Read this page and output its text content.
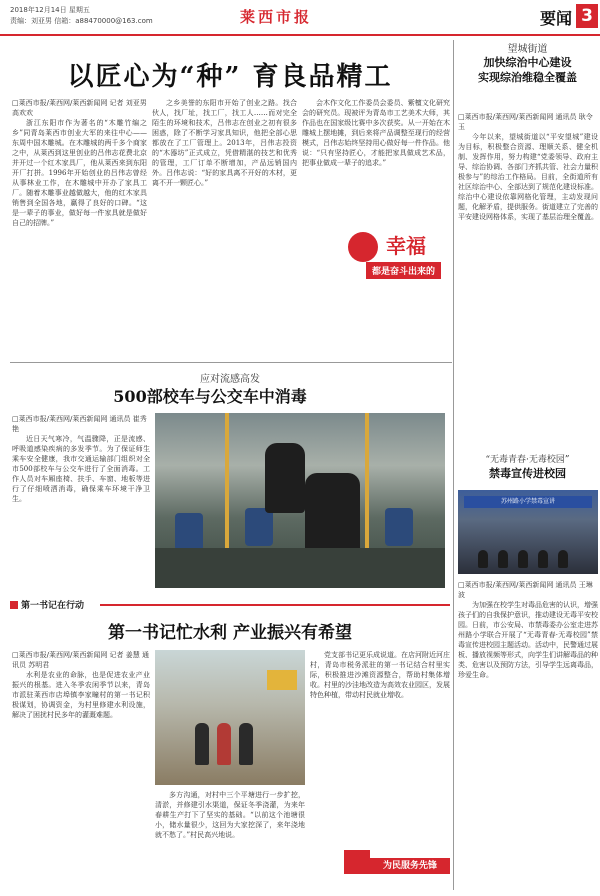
2018年12月14日 星期五
责编：刘亚男 信箱：a88470000@163.com	莱西市报	要闻 3
以匠心为“种” 育良品精工
□莱西市报/莱西网/莱西新闻网 记者 刘亚男 高欢欢
浙江东阳市作为著名的“木雕竹编之乡”同青岛莱西市创业大军的来往中心——东周中国木雕城。在木雕城的两千多个商家之中，从莱西到这里创业的吕伟志花费北京并开过一个红木家具厂，他从莱西来到东阳开厂打拼。1996年开始创业的吕伟志曾经从事林业工作，在木雕城中开办了家具工厂。随着木雕事业越做越大，他的红木家具销售到全国各地，赢得了良好的口碑。“这是一辈子的事业，做好每一件家具就是做好自己的招牌。”
之乡美誉的东阳市开始了创业之路。找合伙人，找厂址，找工厂，找工人……而对完全陌生的环境和技术，吕伟志在创业之初有很多困惑，除了不断学习家具知识，他把全部心思都放在了工厂管理上。2013年，吕伟志投资的“木器坊”正式成立，凭借精湛的技艺和优秀的管理，工厂订单不断增加，产品远销国内外。吕伟志说：“好的家具离不开好的木材，更离不开一颗匠心。”
会木作文化工作委员会委员、紫檀文化研究会的研究员。现被评为青岛市工艺美术大师，其作品也在国家级比赛中多次获奖。从一开始在木雕城上摆地摊，到后来将产品调整至现行的经营模式，吕伟志始终坚持用心做好每一件作品。他说：“只有坚持匠心，才能把家具做成艺术品，把事业做成一辈子的追求。”
幸福
都是奋斗出来的
应对流感高发
500部校车与公交车中消毒
□莱西市报/莱西网/莱西新闻网 通讯员 崔秀艳
近日天气寒冷，气温骤降，正是流感、呼吸道感染疾病的多发季节。为了保证师生乘车安全健康，我市交通运输部门组织对全市500部校车与公交车进行了全面消毒。工作人员对车厢座椅、扶手、车窗、地板等进行了仔细喷洒消毒，确保乘车环境干净卫生。
第一书记在行动
第一书记忙水利 产业振兴有希望
□莱西市报/莱西网/莱西新闻网 记者 姜慧 通讯员 苏明君
水利是农业的命脉，也是促进农业产业振兴的根基。进入冬季农闲季节以来，青岛市派驻莱西市店埠镇李家疃村的第一书记积极谋划，协调资金，为村里修建水利设施，解决了困扰村民多年的灌溉难题。
多方沟通，对村中三个平塘进行一步扩挖，清淤，并修建引水渠道，保证冬季浇灌，为来年春耕生产打下了坚实的基础。“以前这个池塘很小，储水量很少，这回为大家挖深了，来年浇地就不愁了。”村民高兴地说。
党支部书记更乐成说道。在店河附近河庄村，青岛市税务派驻的第一书记结合村里实际，积极推进沙滩资源整合，帮助村集体增收。村里的沙洼地改造为高效农业园区，发展特色种植，带动村民就业增收。
为民服务先锋
望城街道
加快综治中心建设
实现综治维稳全覆盖
□莱西市报/莱西网/莱西新闻网 通讯员 耿令玉
今年以来，望城街道以“平安望城”建设为目标，积极整合资源、理顺关系、健全机制、发挥作用，努力构建“党委领导、政府主导、综治协调、各部门齐抓共管、社会力量积极参与”的综治工作格局。目前，全街道所有社区综治中心、全部达到了规范化建设标准。综治中心建设依靠网格化管理，主动发现问题，化解矛盾，提供服务。街道建立了完善的平安建设网格体系，实现了基层治理全覆盖。
“无毒青春·无毒校园”
禁毒宣传进校园
苏州路小学禁毒宣讲
□莱西市报/莱西网/莱西新闻网 通讯员 王琳波
为加强在校学生对毒品危害的认识，增强孩子们的自我保护意识，推动建设无毒平安校园。日前，市公安局、市禁毒委办公室走进苏州路小学联合开展了“无毒青春·无毒校园”禁毒宣传进校园主题活动。活动中，民警通过展板、播放视频等形式，向学生们讲解毒品的种类、危害以及预防方法，引导学生远离毒品，珍爱生命。
